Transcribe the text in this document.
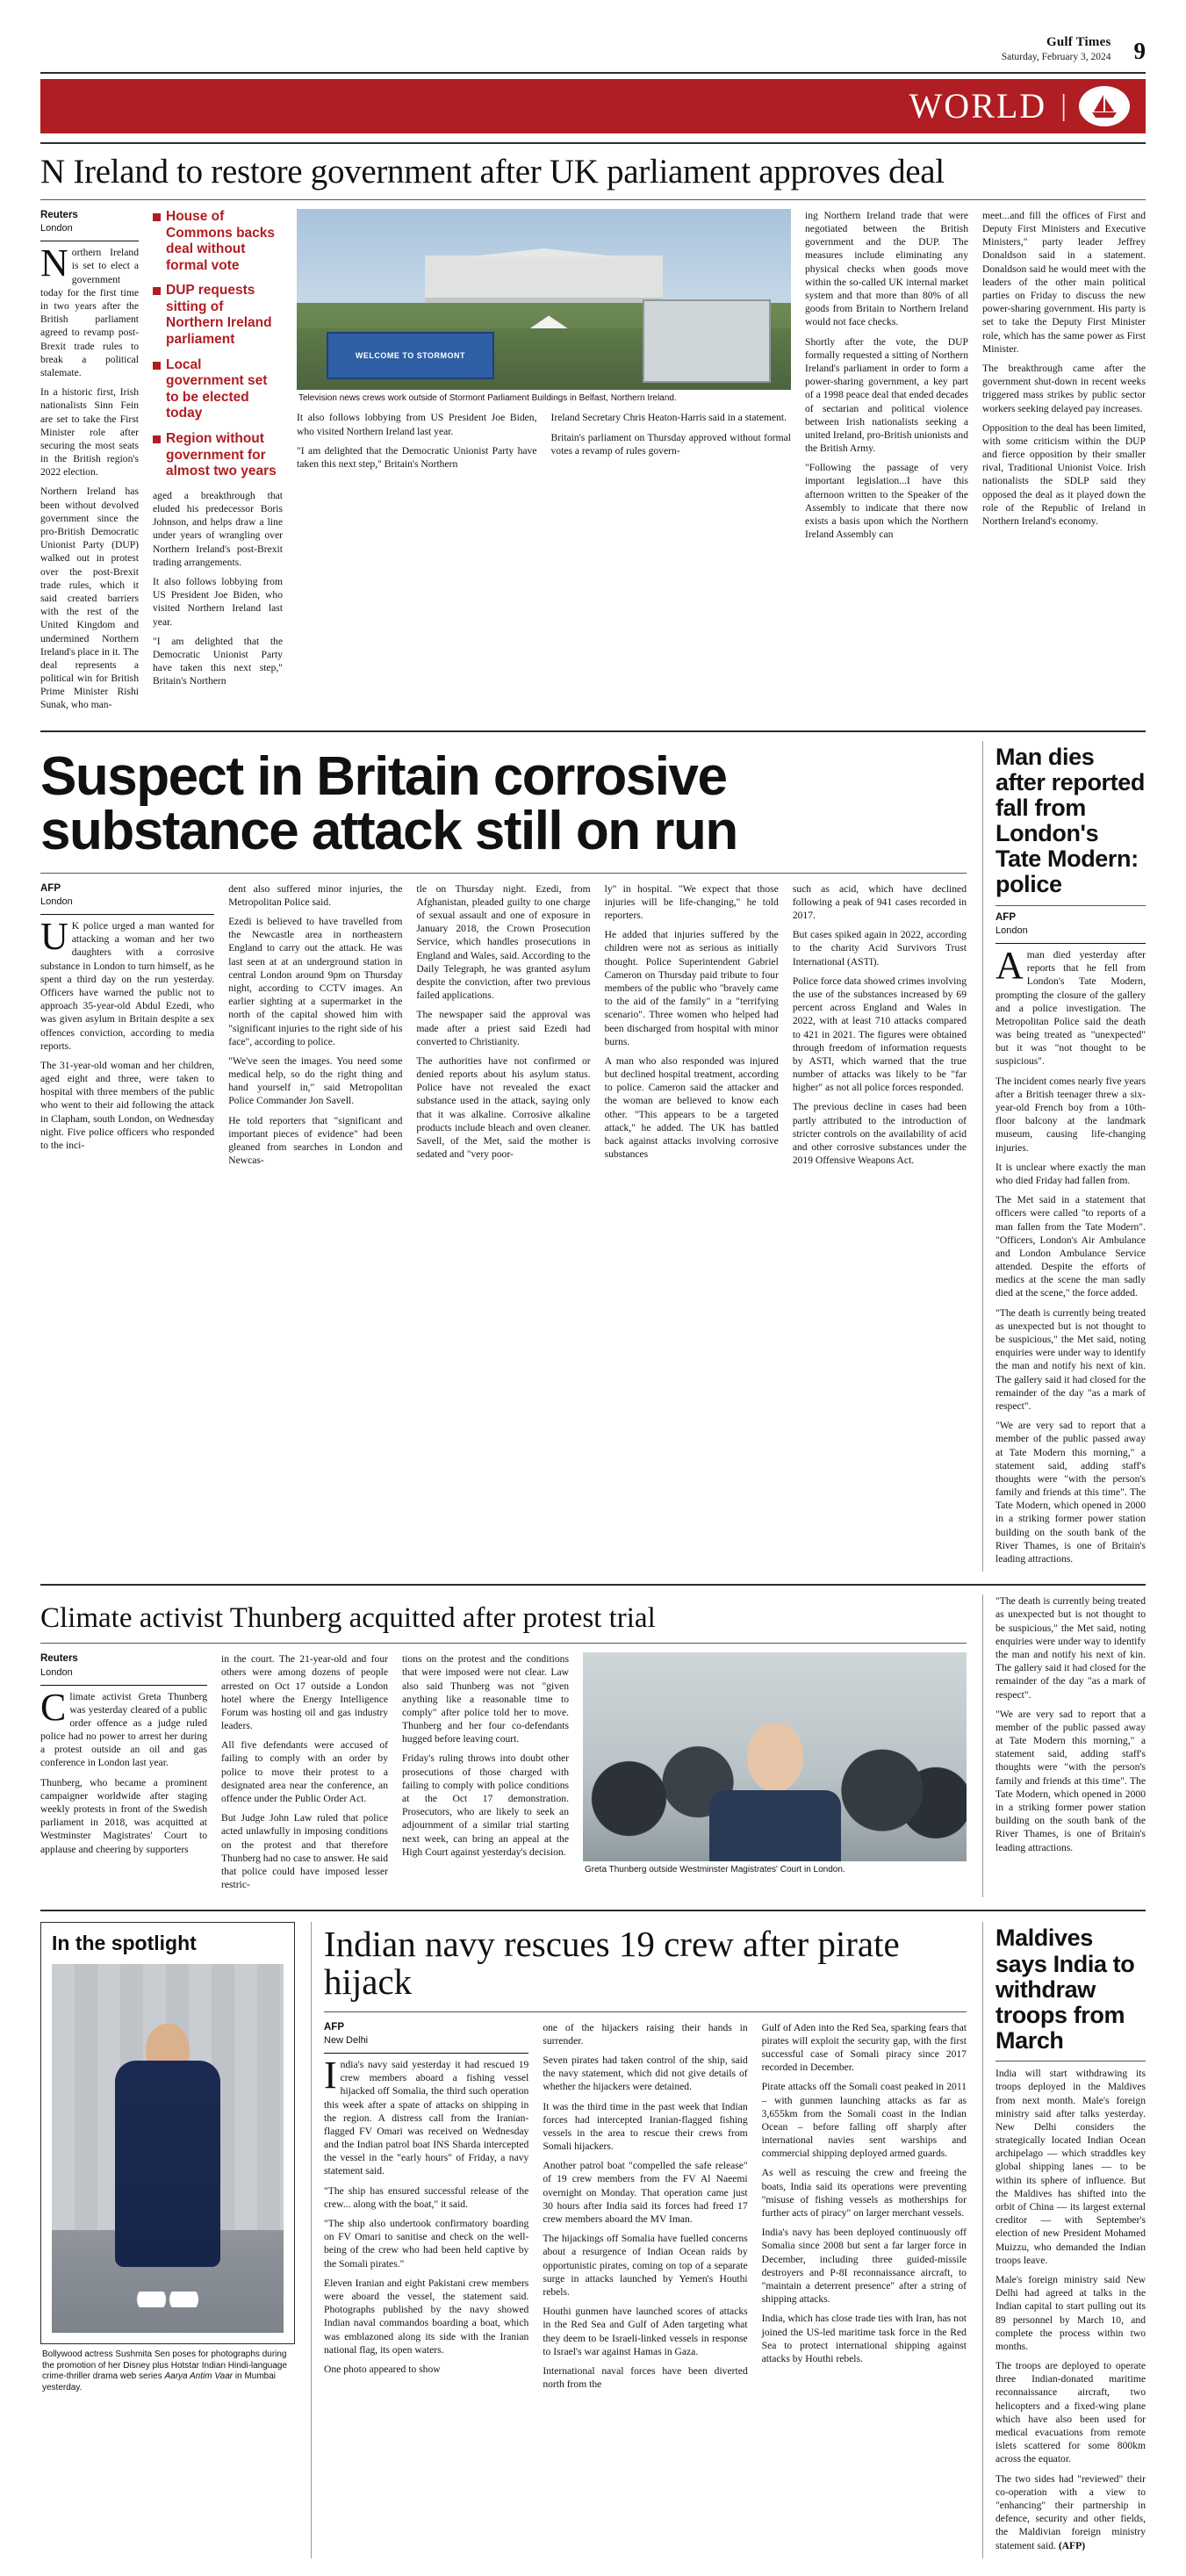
Gulf Times
Saturday, February 3, 2024 9
WORLD |
N Ireland to restore government after UK parliament approves deal
Reuters
London

Northern Ireland is set to elect a government today for the first time in two years after the British parliament agreed to revamp post-Brexit trade rules to break a political stalemate.

In a historic first, Irish nationalists Sinn Fein are set to take the First Minister role after securing the most seats in the British region's 2022 election.

Northern Ireland has been without devolved government since the pro-British Democratic Unionist Party (DUP) walked out in protest over the post-Brexit trade rules, which it said created barriers with the rest of the United Kingdom and undermined Northern Ireland's place in it. The deal represents a political win for British Prime Minister Rishi Sunak, who man-

House of Commons backs deal without formal vote
DUP requests sitting of Northern Ireland parliament
Local government set to be elected today
Region without government for almost two years

aged a breakthrough that eluded his predecessor Boris Johnson, and helps draw a line under years of wrangling over Northern Ireland's post-Brexit trading arrangements.

It also follows lobbying from US President Joe Biden, who visited Northern Ireland last year.

"I am delighted that the Democratic Unionist Party have taken this next step," Britain's Northern

WELCOME TO STORMONT
Television news crews work outside of Stormont Parliament Buildings in Belfast, Northern Ireland.

It also follows lobbying from US President Joe Biden, who visited Northern Ireland last year.

"I am delighted that the Democratic Unionist Party have taken this next step," Britain's Northern

Ireland Secretary Chris Heaton-Harris said in a statement.

Britain's parliament on Thursday approved without formal votes a revamp of rules govern-

ing Northern Ireland trade that were negotiated between the British government and the DUP. The measures include eliminating any physical checks when goods move within the so-called UK internal market system and that more than 80% of all goods from Britain to Northern Ireland would not face checks.

Shortly after the vote, the DUP formally requested a sitting of Northern Ireland's parliament in order to form a power-sharing government, a key part of a 1998 peace deal that ended decades of sectarian and political violence between Irish nationalists seeking a united Ireland, pro-British unionists and the British Army.

"Following the passage of very important legislation...I have this afternoon written to the Speaker of the Assembly to indicate that there now exists a basis upon which the Northern Ireland Assembly can

meet...and fill the offices of First and Deputy First Ministers and Executive Ministers," party leader Jeffrey Donaldson said in a statement. Donaldson said he would meet with the leaders of the other main political parties on Friday to discuss the new power-sharing government. His party is set to take the Deputy First Minister role, which has the same power as First Minister.

The breakthrough came after the government shut-down in recent weeks triggered mass strikes by public sector workers seeking delayed pay increases.

Opposition to the deal has been limited, with some criticism within the DUP and fierce opposition by their smaller rival, Traditional Unionist Voice. Irish nationalists the SDLP said they opposed the deal as it played down the role of the Republic of Ireland in Northern Ireland's economy.

Suspect in Britain corrosive substance attack still on run
AFP
London

UK police urged a man wanted for attacking a woman and her two daughters with a corrosive substance in London to turn himself, as he spent a third day on the run yesterday. Officers have warned the public not to approach 35-year-old Abdul Ezedi, who was given asylum in Britain despite a sex offences conviction, according to media reports.

The 31-year-old woman and her children, aged eight and three, were taken to hospital with three members of the public who went to their aid following the attack in Clapham, south London, on Wednesday night. Five police officers who responded to the inci-

dent also suffered minor injuries, the Metropolitan Police said.

Ezedi is believed to have travelled from the Newcastle area in northeastern England to carry out the attack. He was last seen at at an underground station in central London around 9pm on Thursday night, according to CCTV images. An earlier sighting at a supermarket in the north of the capital showed him with "significant injuries to the right side of his face", according to police.

"We've seen the images. You need some medical help, so do the right thing and hand yourself in," said Metropolitan Police Commander Jon Savell.

He told reporters that "significant and important pieces of evidence" had been gleaned from searches in London and Newcas-

tle on Thursday night. Ezedi, from Afghanistan, pleaded guilty to one charge of sexual assault and one of exposure in January 2018, the Crown Prosecution Service, which handles prosecutions in England and Wales, said. According to the Daily Telegraph, he was granted asylum despite the conviction, after two previous failed applications.

The newspaper said the approval was made after a priest said Ezedi had converted to Christianity.

The authorities have not confirmed or denied reports about his asylum status. Police have not revealed the exact substance used in the attack, saying only that it was alkaline. Corrosive alkaline products include bleach and oven cleaner. Savell, of the Met, said the mother is sedated and "very poor-

ly" in hospital. "We expect that those injuries will be life-changing," he told reporters.

He added that injuries suffered by the children were not as serious as initially thought. Police Superintendent Gabriel Cameron on Thursday paid tribute to four members of the public who "bravely came to the aid of the family" in a "terrifying scenario". Three women who helped had been discharged from hospital with minor burns.

A man who also responded was injured but declined hospital treatment, according to police. Cameron said the attacker and the woman are believed to know each other. "This appears to be a targeted attack," he added. The UK has battled back against attacks involving corrosive substances

such as acid, which have declined following a peak of 941 cases recorded in 2017.

But cases spiked again in 2022, according to the charity Acid Survivors Trust International (ASTI).

Police force data showed crimes involving the use of the substances increased by 69 percent across England and Wales in 2022, with at least 710 attacks compared to 421 in 2021. The figures were obtained through freedom of information requests by ASTI, which warned that the true number of attacks was likely to be "far higher" as not all police forces responded.

The previous decline in cases had been partly attributed to the introduction of stricter controls on the availability of acid and other corrosive substances under the 2019 Offensive Weapons Act.

Man dies after reported fall from London's Tate Modern: police
AFP
London

Aman died yesterday after reports that he fell from London's Tate Modern, prompting the closure of the gallery and a police investigation. The Metropolitan Police said the death was being treated as "unexpected" but it was "not thought to be suspicious".

The incident comes nearly five years after a British teenager threw a six-year-old French boy from a 10th-floor balcony at the landmark museum, causing life-changing injuries.

It is unclear where exactly the man who died Friday had fallen from.

The Met said in a statement that officers were called "to reports of a man fallen from the Tate Modern". "Officers, London's Air Ambulance and London Ambulance Service attended. Despite the efforts of medics at the scene the man sadly died at the scene," the force added.

"The death is currently being treated as unexpected but is not thought to be suspicious," the Met said, noting enquiries were under way to identify the man and notify his next of kin. The gallery said it had closed for the remainder of the day "as a mark of respect".

"We are very sad to report that a member of the public passed away at Tate Modern this morning," a statement said, adding staff's thoughts were "with the person's family and friends at this time". The Tate Modern, which opened in 2000 in a striking former power station building on the south bank of the River Thames, is one of Britain's leading attractions.

Climate activist Thunberg acquitted after protest trial
Reuters
London

Climate activist Greta Thunberg was yesterday cleared of a public order offence as a judge ruled police had no power to arrest her during a protest outside an oil and gas conference in London last year.

Thunberg, who became a prominent campaigner worldwide after staging weekly protests in front of the Swedish parliament in 2018, was acquitted at Westminster Magistrates' Court to applause and cheering by supporters

in the court. The 21-year-old and four others were among dozens of people arrested on Oct 17 outside a London hotel where the Energy Intelligence Forum was hosting oil and gas industry leaders.

All five defendants were accused of failing to comply with an order by police to move their protest to a designated area near the conference, an offence under the Public Order Act.

But Judge John Law ruled that police acted unlawfully in imposing conditions on the protest and that therefore Thunberg had no case to answer. He said that police could have imposed lesser restric-

tions on the protest and the conditions that were imposed were not clear. Law also said Thunberg was not "given anything like a reasonable time to comply" after police told her to move. Thunberg and her four co-defendants hugged before leaving court.

Friday's ruling throws into doubt other prosecutions of those charged with failing to comply with police conditions at the Oct 17 demonstration. Prosecutors, who are likely to seek an adjournment of a similar trial starting next week, can bring an appeal at the High Court against yesterday's decision.

Greta Thunberg outside Westminster Magistrates' Court in London.

"The death is currently being treated as unexpected but is not thought to be suspicious," the Met said, noting enquiries were under way to identify the man and notify his next of kin. The gallery said it had closed for the remainder of the day "as a mark of respect".

"We are very sad to report that a member of the public passed away at Tate Modern this morning," a statement said, adding staff's thoughts were "with the person's family and friends at this time". The Tate Modern, which opened in 2000 in a striking former power station building on the south bank of the River Thames, is one of Britain's leading attractions.

In the spotlight
Bollywood actress Sushmita Sen poses for photographs during the promotion of her Disney plus Hotstar Indian Hindi-language crime-thriller drama web series Aarya Antim Vaar in Mumbai yesterday.
Indian navy rescues 19 crew after pirate hijack
AFP
New Delhi

India's navy said yesterday it had rescued 19 crew members aboard a fishing vessel hijacked off Somalia, the third such operation this week after a spate of attacks on shipping in the region. A distress call from the Iranian-flagged FV Omari was received on Wednesday and the Indian patrol boat INS Sharda intercepted the vessel in the "early hours" of Friday, a navy statement said.

"The ship has ensured successful release of the crew... along with the boat," it said.

"The ship also undertook confirmatory boarding on FV Omari to sanitise and check on the well-being of the crew who had been held captive by the Somali pirates."

Eleven Iranian and eight Pakistani crew members were aboard the vessel, the statement said. Photographs published by the navy showed Indian naval commandos boarding a boat, which was emblazoned along its side with the Iranian national flag, its open waters.

One photo appeared to show

one of the hijackers raising their hands in surrender.

Seven pirates had taken control of the ship, said the navy statement, which did not give details of whether the hijackers were detained.

It was the third time in the past week that Indian forces had intercepted Iranian-flagged fishing vessels in the area to rescue their crews from Somali hijackers.

Another patrol boat "compelled the safe release" of 19 crew members from the FV Al Naeemi overnight on Monday. That operation came just 30 hours after India said its forces had freed 17 crew members aboard the MV Iman.

The hijackings off Somalia have fuelled concerns about a resurgence of Indian Ocean raids by opportunistic pirates, coming on top of a separate surge in attacks launched by Yemen's Houthi rebels.

Houthi gunmen have launched scores of attacks in the Red Sea and Gulf of Aden targeting what they deem to be Israeli-linked vessels in response to Israel's war against Hamas in Gaza.

International naval forces have been diverted north from the

Gulf of Aden into the Red Sea, sparking fears that pirates will exploit the security gap, with the first successful case of Somali piracy since 2017 recorded in December.

Pirate attacks off the Somali coast peaked in 2011 – with gunmen launching attacks as far as 3,655km from the Somali coast in the Indian Ocean – before falling off sharply after international navies sent warships and commercial shipping deployed armed guards.

As well as rescuing the crew and freeing the boats, India said its operations were preventing "misuse of fishing vessels as motherships for further acts of piracy" on larger merchant vessels.

India's navy has been deployed continuously off Somalia since 2008 but sent a far larger force in December, including three guided-missile destroyers and P-8I reconnaissance aircraft, to "maintain a deterrent presence" after a string of shipping attacks.

India, which has close trade ties with Iran, has not joined the US-led maritime task force in the Red Sea to protect international shipping against attacks by Houthi rebels.

Maldives says India to withdraw troops from March

India will start withdrawing its troops deployed in the Maldives from next month. Male's foreign ministry said after talks yesterday. New Delhi considers the strategically located Indian Ocean archipelago — which straddles key global shipping lanes — to be within its sphere of influence. But the Maldives has shifted into the orbit of China — its largest external creditor — with September's election of new President Mohamed Muizzu, who demanded the Indian troops leave.

Male's foreign ministry said New Delhi had agreed at talks in the Indian capital to start pulling out its 89 personnel by March 10, and complete the process within two months.

The troops are deployed to operate three Indian-donated maritime reconnaissance aircraft, two helicopters and a fixed-wing plane which have also been used for medical evacuations from remote islets scattered for some 800km across the equator.

The two sides had "reviewed" their co-operation with a view to "enhancing" their partnership in defence, security and other fields, the Maldivian foreign ministry statement said. (AFP)
